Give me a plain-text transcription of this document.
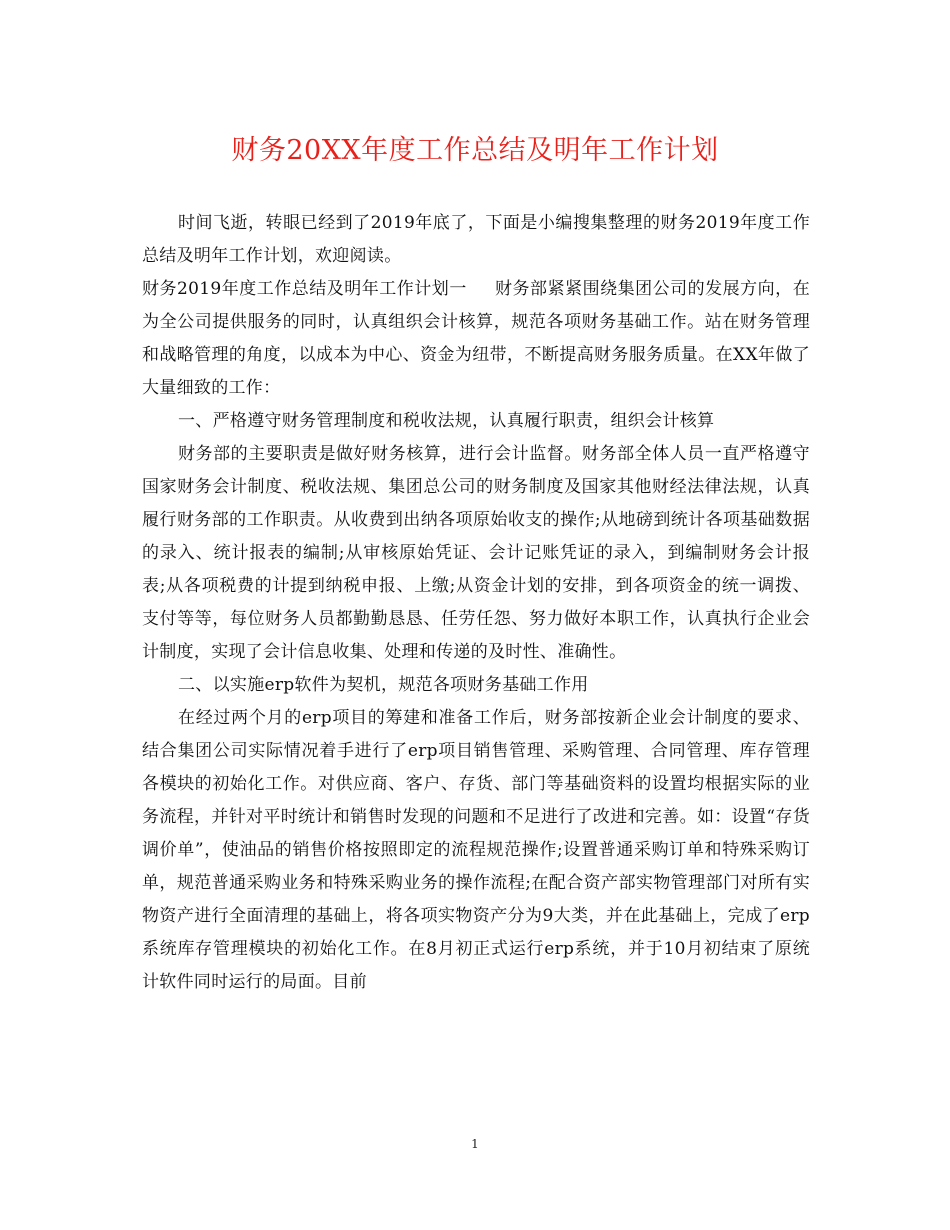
财务20XX年度工作总结及明年工作计划

时间飞逝，转眼已经到了2019年底了，下面是小编搜集整理的财务2019年度工作总结及明年工作计划，欢迎阅读。

财务2019年度工作总结及明年工作计划一 财务部紧紧围绕集团公司的发展方向，在为全公司提供服务的同时，认真组织会计核算，规范各项财务基础工作。站在财务管理和战略管理的角度，以成本为中心、资金为纽带，不断提高财务服务质量。在XX年做了大量细致的工作：

一、严格遵守财务管理制度和税收法规，认真履行职责，组织会计核算

财务部的主要职责是做好财务核算，进行会计监督。财务部全体人员一直严格遵守国家财务会计制度、税收法规、集团总公司的财务制度及国家其他财经法律法规，认真履行财务部的工作职责。从收费到出纳各项原始收支的操作;从地磅到统计各项基础数据的录入、统计报表的编制;从审核原始凭证、会计记账凭证的录入，到编制财务会计报表;从各项税费的计提到纳税申报、上缴;从资金计划的安排，到各项资金的统一调拨、支付等等，每位财务人员都勤勤恳恳、任劳任怨、努力做好本职工作，认真执行企业会计制度，实现了会计信息收集、处理和传递的及时性、准确性。

二、以实施erp软件为契机，规范各项财务基础工作用

在经过两个月的erp项目的筹建和准备工作后，财务部按新企业会计制度的要求、结合集团公司实际情况着手进行了erp项目销售管理、采购管理、合同管理、库存管理各模块的初始化工作。对供应商、客户、存货、部门等基础资料的设置均根据实际的业务流程，并针对平时统计和销售时发现的问题和不足进行了改进和完善。如：设置“存货调价单”，使油品的销售价格按照即定的流程规范操作;设置普通采购订单和特殊采购订单，规范普通采购业务和特殊采购业务的操作流程;在配合资产部实物管理部门对所有实物资产进行全面清理的基础上，将各项实物资产分为9大类，并在此基础上，完成了erp系统库存管理模块的初始化工作。在8月初正式运行erp系统，并于10月初结束了原统计软件同时运行的局面。目前

1
